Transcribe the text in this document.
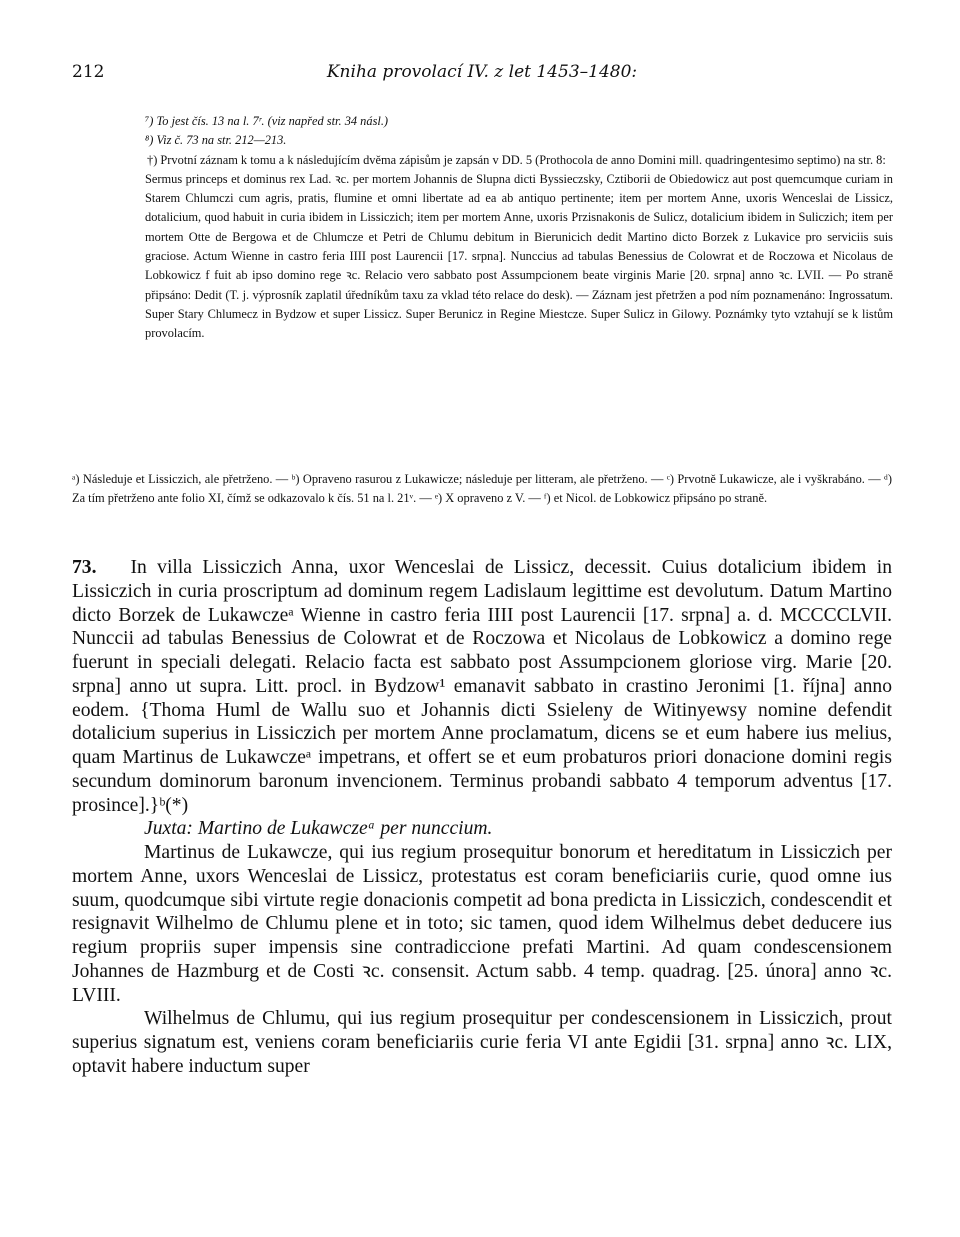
212	Kniha provolací IV. z let 1453–1480:

⁷) To jest čís. 13 na l. 7ʳ. (viz napřed str. 34 násl.)

⁸) Viz č. 73 na str. 212—213.

†) Prvotní záznam k tomu a k následujícím dvěma zápisům je zapsán v DD. 5 (Prothocola de anno Domini mill. quadringentesimo septimo) na str. 8:

Sermus princeps et dominus rex Lad. ꝛc. per mortem Johannis de Slupna dicti Byssieczsky, Cztiborii de Obiedowicz aut post quemcumque curiam in Starem Chlumczi cum agris, pratis, flumine et omni libertate ad ea ab antiquo pertinente; item per mortem Anne, uxoris Wenceslai de Lissicz, dotalicium, quod habuit in curia ibidem in Lissiczich; item per mortem Anne, uxoris Przisnakonis de Sulicz, dotalicium ibidem in Suliczich; item per mortem Otte de Bergowa et de Chlumcze et Petri de Chlumu debitum in Bierunicich dedit Martino dicto Borzek z Lukavice pro serviciis suis graciose. Actum Wienne in castro feria IIII post Laurencii [17. srpna]. Nunccius ad tabulas Benessius de Colowrat et de Roczowa et Nicolaus de Lobkowicz f fuit ab ipso domino rege ꝛc. Relacio vero sabbato post Assumpcionem beate virginis Marie [20. srpna] anno ꝛc. LVII. — Po straně připsáno: Dedit (T. j. výprosník zaplatil úředníkům taxu za vklad této relace do desk). — Záznam jest přetržen a pod ním poznamenáno: Ingrossatum. Super Stary Chlumecz in Bydzow et super Lissicz. Super Berunicz in Regine Miestcze. Super Sulicz in Gilowy. Poznámky tyto vztahují se k listům provolacím.

ᵃ) Následuje et Lissiczich, ale přetrženo. — ᵇ) Opraveno rasurou z Lukawicze; následuje per litteram, ale přetrženo. — ᶜ) Prvotně Lukawicze, ale i vyškrabáno. — ᵈ) Za tím přetrženo ante folio XI, čímž se odkazovalo k čís. 51 na l. 21ᵛ. — ᵉ) X opraveno z V. — ᶠ) et Nicol. de Lobkowicz připsáno po straně.

73. In villa Lissiczich Anna, uxor Wenceslai de Lissicz, decessit. Cuius dotalicium ibidem in Lissiczich in curia proscriptum ad dominum regem Ladislaum legittime est devolutum. Datum Martino dicto Borzek de Lukawczeᵃ Wienne in castro feria IIII post Laurencii [17. srpna] a. d. MCCCCLVII. Nunccii ad tabulas Benessius de Colowrat et de Roczowa et Nicolaus de Lobkowicz a domino rege fuerunt in speciali delegati. Relacio facta est sabbato post Assumpcionem gloriose virg. Marie [20. srpna] anno ut supra. Litt. procl. in Bydzow¹ emanavit sabbato in crastino Jeronimi [1. října] anno eodem. {Thoma Huml de Wallu suo et Johannis dicti Ssieleny de Witinyewsy nomine defendit dotalicium superius in Lissiczich per mortem Anne proclamatum, dicens se et eum habere ius melius, quam Martinus de Lukawczeᵃ impetrans, et offert se et eum probaturos priori donacione domini regis secundum dominorum baronum invencionem. Terminus probandi sabbato 4 temporum adventus [17. prosince].}ᵇ(*)

Juxta: Martino de Lukawczeᵃ per nunccium.

Martinus de Lukawcze, qui ius regium prosequitur bonorum et hereditatum in Lissiczich per mortem Anne, uxors Wenceslai de Lissicz, protestatus est coram beneficiariis curie, quod omne ius suum, quodcumque sibi virtute regie donacionis competit ad bona predicta in Lissiczich, condescendit et resignavit Wilhelmo de Chlumu plene et in toto; sic tamen, quod idem Wilhelmus debet deducere ius regium propriis super impensis sine contradiccione prefati Martini. Ad quam condescensionem Johannes de Hazmburg et de Costi ꝛc. consensit. Actum sabb. 4 temp. quadrag. [25. února] anno ꝛc. LVIII.

Wilhelmus de Chlumu, qui ius regium prosequitur per condescensionem in Lissiczich, prout superius signatum est, veniens coram beneficiariis curie feria VI ante Egidii [31. srpna] anno ꝛc. LIX, optavit habere inductum super
